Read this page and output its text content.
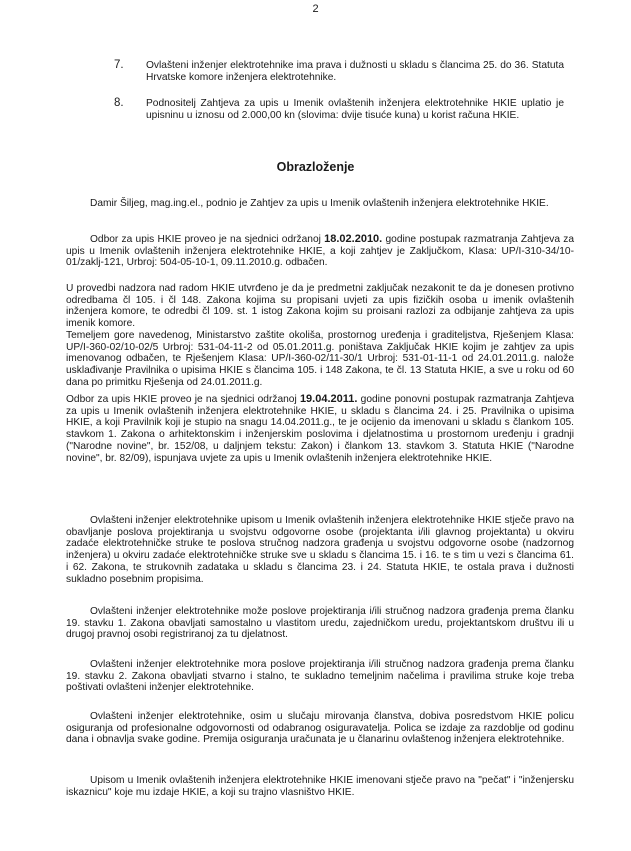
2
7. Ovlašteni inženjer elektrotehnike ima prava i dužnosti u skladu s člancima 25. do 36. Statuta Hrvatske komore inženjera elektrotehnike.
8. Podnositelj Zahtjeva za upis u Imenik ovlaštenih inženjera elektrotehnike HKIE uplatio je upisninu u iznosu od 2.000,00 kn (slovima: dvije tisuće kuna) u korist računa HKIE.
Obrazloženje
Damir Šiljeg, mag.ing.el., podnio je Zahtjev za upis u Imenik ovlaštenih inženjera elektrotehnike HKIE.
Odbor za upis HKIE proveo je na sjednici održanoj 18.02.2010. godine postupak razmatranja Zahtjeva za upis u Imenik ovlaštenih inženjera elektrotehnike HKIE, a koji zahtjev je Zaključkom, Klasa: UP/I-310-34/10-01/zaklj-121, Urbroj: 504-05-10-1, 09.11.2010.g. odbačen.
U provedbi nadzora nad radom HKIE utvrđeno je da je predmetni zaključak nezakonit te da je donesen protivno odredbama čl 105. i čl 148. Zakona kojima su propisani uvjeti za upis fizičkih osoba u imenik ovlaštenih inženjera komore, te odredbi čl 109. st. 1 istog Zakona kojim su proisani razlozi za odbijanje zahtjeva za upis imenik komore.
Temeljem gore navedenog, Ministarstvo zaštite okoliša, prostornog uređenja i graditeljstva, Rješenjem Klasa: UP/I-360-02/10-02/5 Urbroj: 531-04-11-2 od 05.01.2011.g. poništava Zaključak HKIE kojim je zahtjev za upis imenovanog odbačen, te Rješenjem Klasa: UP/I-360-02/11-30/1 Urbroj: 531-01-11-1 od 24.01.2011.g. nalože usklađivanje Pravilnika o upisima HKIE s člancima 105. i 148 Zakona, te čl. 13 Statuta HKIE, a sve u roku od 60 dana po primitku Rješenja od 24.01.2011.g.
Odbor za upis HKIE proveo je na sjednici održanoj 19.04.2011. godine ponovni postupak razmatranja Zahtjeva za upis u Imenik ovlaštenih inženjera elektrotehnike HKIE, u skladu s člancima 24. i 25. Pravilnika o upisima HKIE, a koji Pravilnik koji je stupio na snagu 14.04.2011.g., te je ocijenio da imenovani u skladu s člankom 105. stavkom 1. Zakona o arhitektonskim i inženjerskim poslovima i djelatnostima u prostornom uređenju i gradnji ("Narodne novine", br. 152/08, u daljnjem tekstu: Zakon) i člankom 13. stavkom 3. Statuta HKIE ("Narodne novine", br. 82/09), ispunjava uvjete za upis u Imenik ovlaštenih inženjera elektrotehnike HKIE.
Ovlašteni inženjer elektrotehnike upisom u Imenik ovlaštenih inženjera elektrotehnike HKIE stječe pravo na obavljanje poslova projektiranja u svojstvu odgovorne osobe (projektanta i/ili glavnog projektanta) u okviru zadaće elektrotehničke struke te poslova stručnog nadzora građenja u svojstvu odgovorne osobe (nadzornog inženjera) u okviru zadaće elektrotehničke struke sve u skladu s člancima 15. i 16. te s tim u vezi s člancima 61. i 62. Zakona, te strukovnih zadataka u skladu s člancima 23. i 24. Statuta HKIE, te ostala prava i dužnosti sukladno posebnim propisima.
Ovlašteni inženjer elektrotehnike može poslove projektiranja i/ili stručnog nadzora građenja prema članku 19. stavku 1. Zakona obavljati samostalno u vlastitom uredu, zajedničkom uredu, projektantskom društvu ili u drugoj pravnoj osobi registriranoj za tu djelatnost.
Ovlašteni inženjer elektrotehnike mora poslove projektiranja i/ili stručnog nadzora građenja prema članku 19. stavku 2. Zakona obavljati stvarno i stalno, te sukladno temeljnim načelima i pravilima struke koje treba poštivati ovlašteni inženjer elektrotehnike.
Ovlašteni inženjer elektrotehnike, osim u slučaju mirovanja članstva, dobiva posredstvom HKIE policu osiguranja od profesionalne odgovornosti od odabranog osiguravatelja. Polica se izdaje za razdoblje od godinu dana i obnavlja svake godine. Premija osiguranja uračunata je u članarinu ovlaštenog inženjera elektrotehnike.
Upisom u Imenik ovlaštenih inženjera elektrotehnike HKIE imenovani stječe pravo na "pečat" i "inženjersku iskaznicu" koje mu izdaje HKIE, a koji su trajno vlasništvo HKIE.
